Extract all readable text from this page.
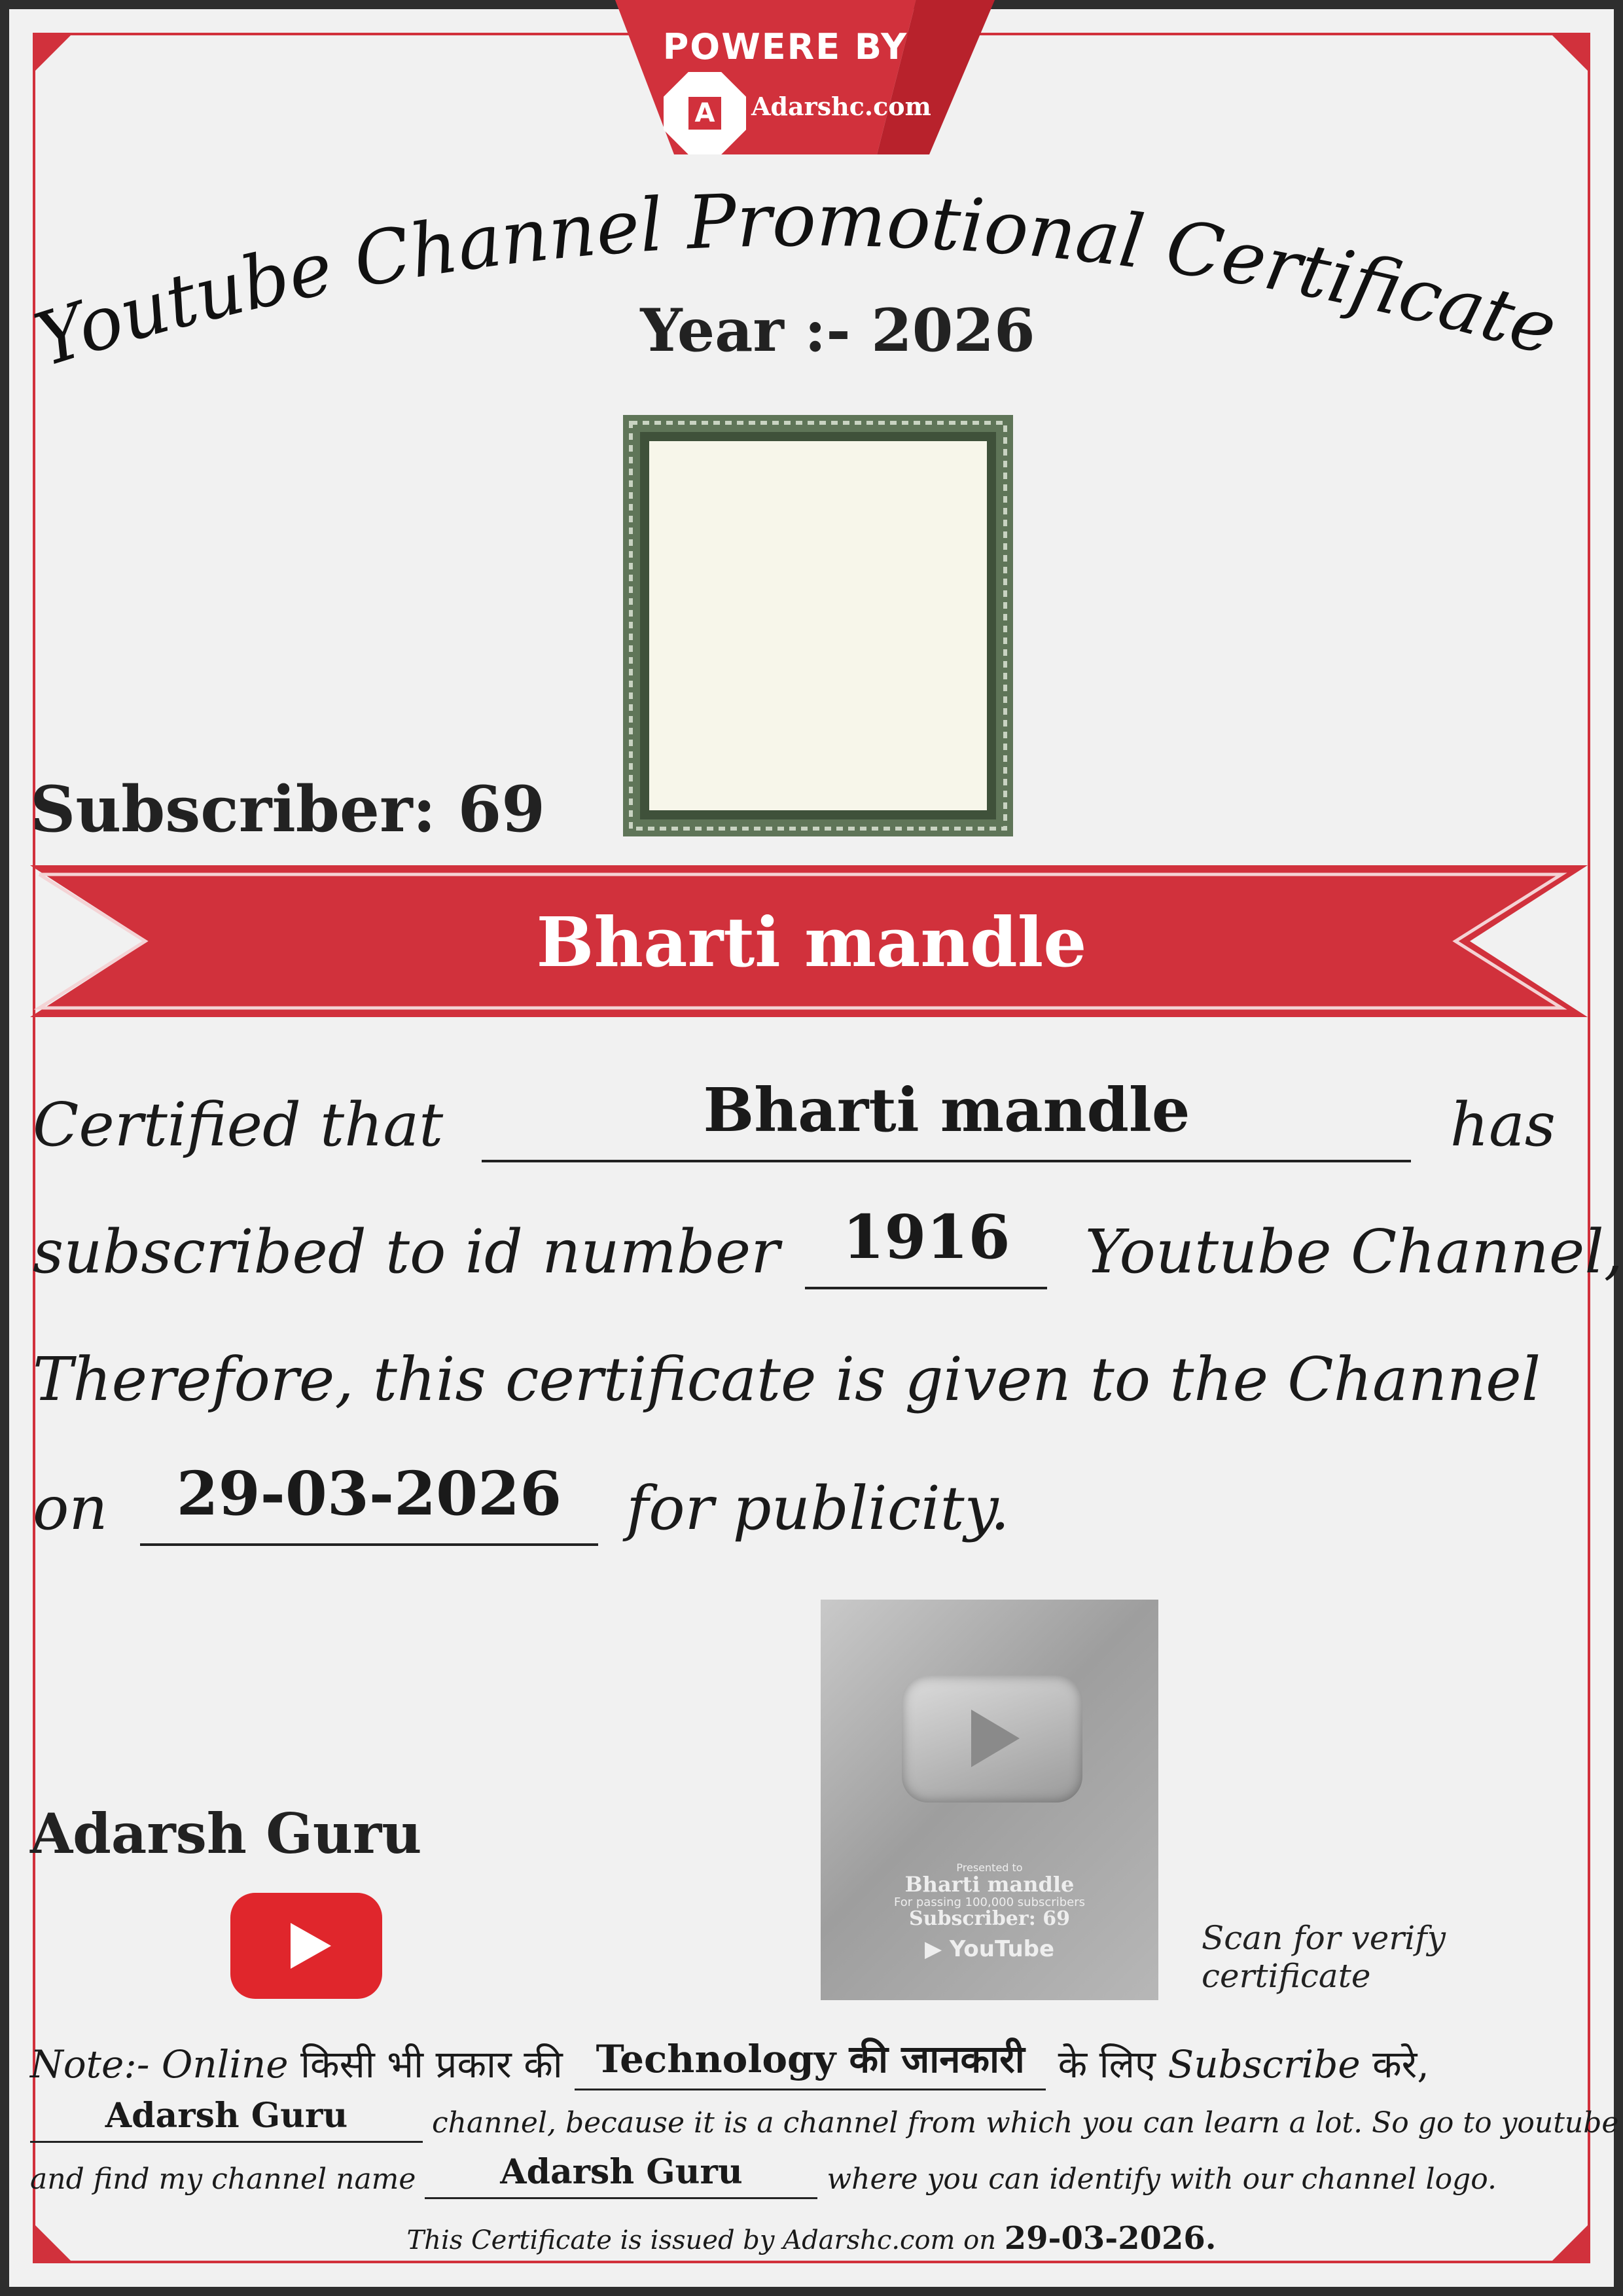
POWERE BY
A Adarshc.com
Youtube Channel Promotional Certificate
Year :- 2026
Subscriber: 69
Bharti mandle
Certified that	Bharti mandle	has
subscribed to id number 1916 Youtube Channel,
Therefore, this certificate is given to the Channel
on 29-03-2026 for publicity.
Adarsh Guru
Presented to
Bharti mandle
For passing 100,000 subscribers
Subscriber: 69
▶ YouTube	Scan for verify certificate
Note:- Online किसी भी प्रकार की Technology की जानकारी के लिए Subscribe करे,
Adarsh Guru	channel, because it is a channel from which you can learn a lot. So go to youtube
and find my channel name Adarsh Guru	where you can identify with our channel logo.
This Certificate is issued by Adarshc.com on 29-03-2026.
